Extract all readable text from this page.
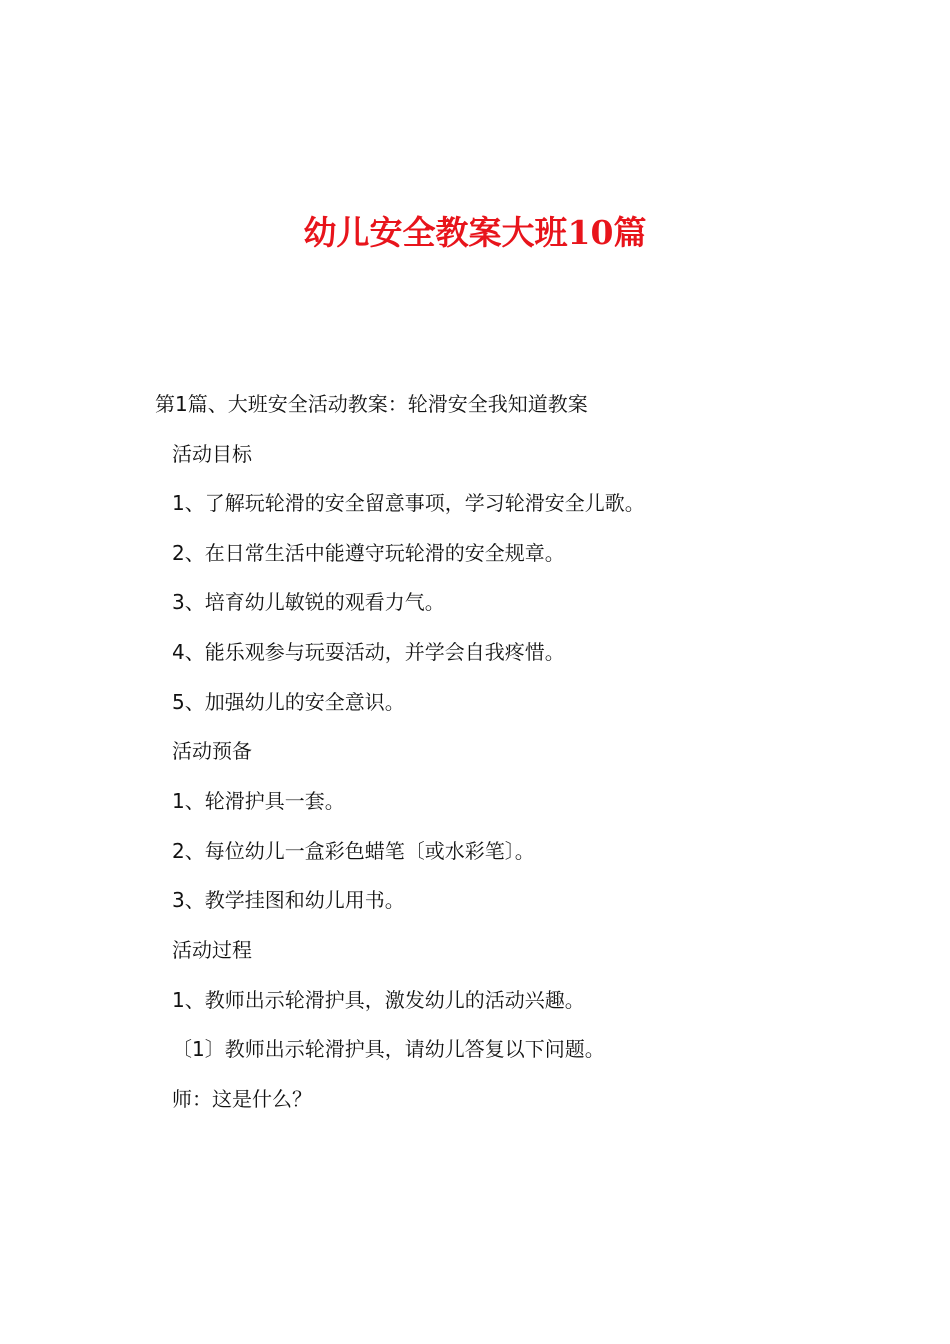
幼儿安全教案大班10篇

第1篇、大班安全活动教案：轮滑安全我知道教案

活动目标

1、了解玩轮滑的安全留意事项，学习轮滑安全儿歌。

2、在日常生活中能遵守玩轮滑的安全规章。

3、培育幼儿敏锐的观看力气。

4、能乐观参与玩耍活动，并学会自我疼惜。

5、加强幼儿的安全意识。

活动预备

1、轮滑护具一套。

2、每位幼儿一盒彩色蜡笔〔或水彩笔〕。

3、教学挂图和幼儿用书。

活动过程

1、教师出示轮滑护具，激发幼儿的活动兴趣。

〔1〕教师出示轮滑护具，请幼儿答复以下问题。

师：这是什么？
